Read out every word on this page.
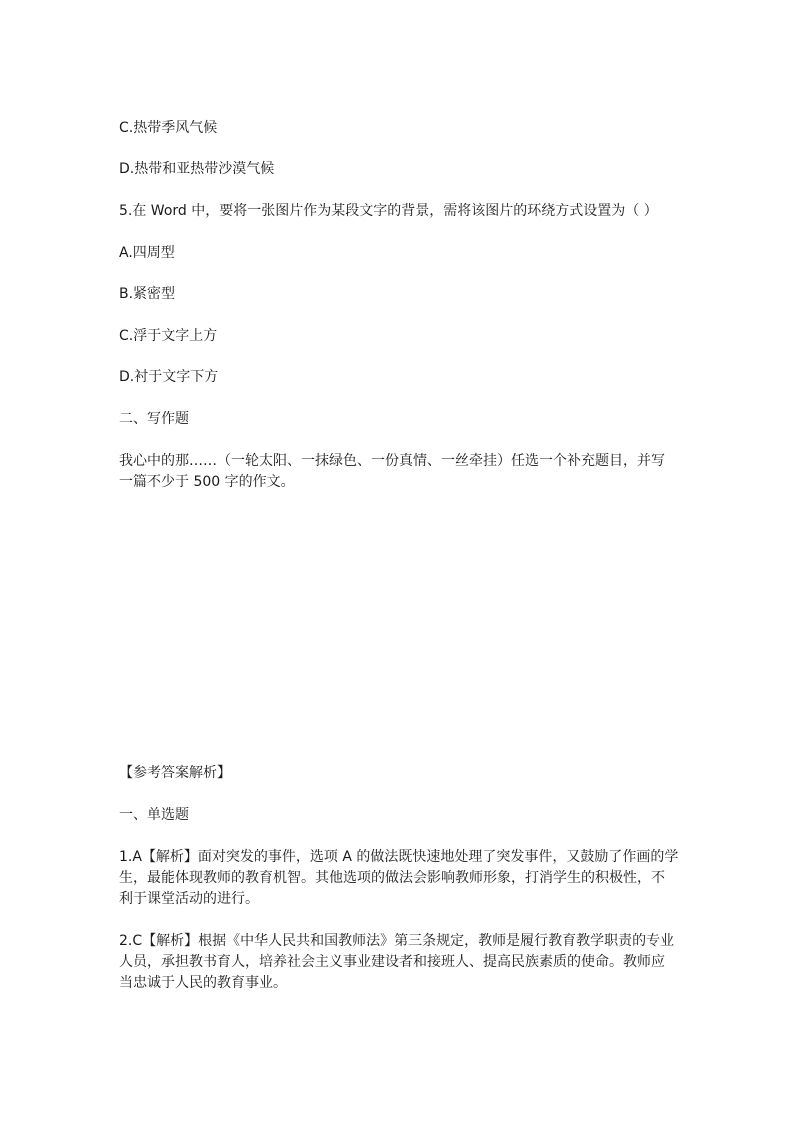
C.热带季风气候
D.热带和亚热带沙漠气候
5.在 Word 中，要将一张图片作为某段文字的背景，需将该图片的环绕方式设置为（ ）
A.四周型
B.紧密型
C.浮于文字上方
D.衬于文字下方
二、写作题
我心中的那……（一轮太阳、一抹绿色、一份真情、一丝牵挂）任选一个补充题目，并写
一篇不少于 500 字的作文。
【参考答案解析】
一、单选题
1.A【解析】面对突发的事件，选项 A 的做法既快速地处理了突发事件，又鼓励了作画的学
生，最能体现教师的教育机智。其他选项的做法会影响教师形象，打消学生的积极性，不
利于课堂活动的进行。
2.C【解析】根据《中华人民共和国教师法》第三条规定，教师是履行教育教学职责的专业
人员，承担教书育人，培养社会主义事业建设者和接班人、提高民族素质的使命。教师应
当忠诚于人民的教育事业。
